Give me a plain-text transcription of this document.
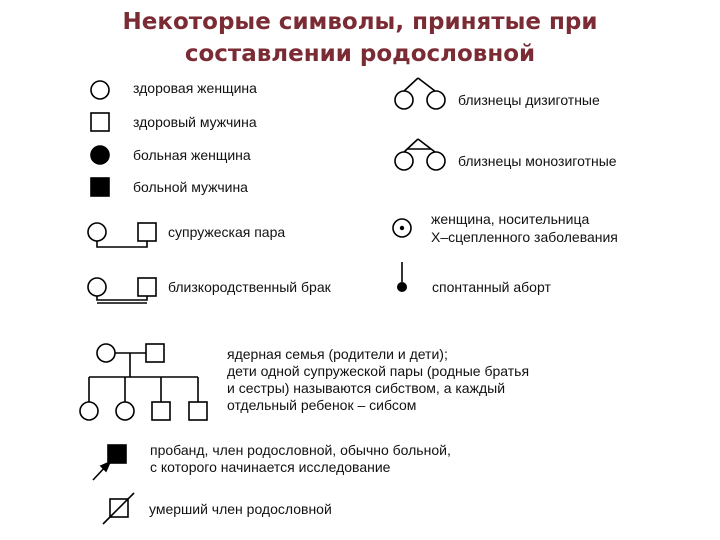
Некоторые символы, принятые при
составлении родословной
здоровая женщина
здоровый мужчина
больная женщина
больной мужчина
супружеская пара
близкородственный брак
близнецы дизиготные
близнецы монозиготные
женщина, носительница
Х–сцепленного заболевания
спонтанный аборт
ядерная семья (родители и дети);
дети одной супружеской пары (родные братья
и сестры) называются сибством, а каждый
отдельный ребенок – сибсом
пробанд, член родословной, обычно больной,
с которого начинается исследование
умерший член родословной
